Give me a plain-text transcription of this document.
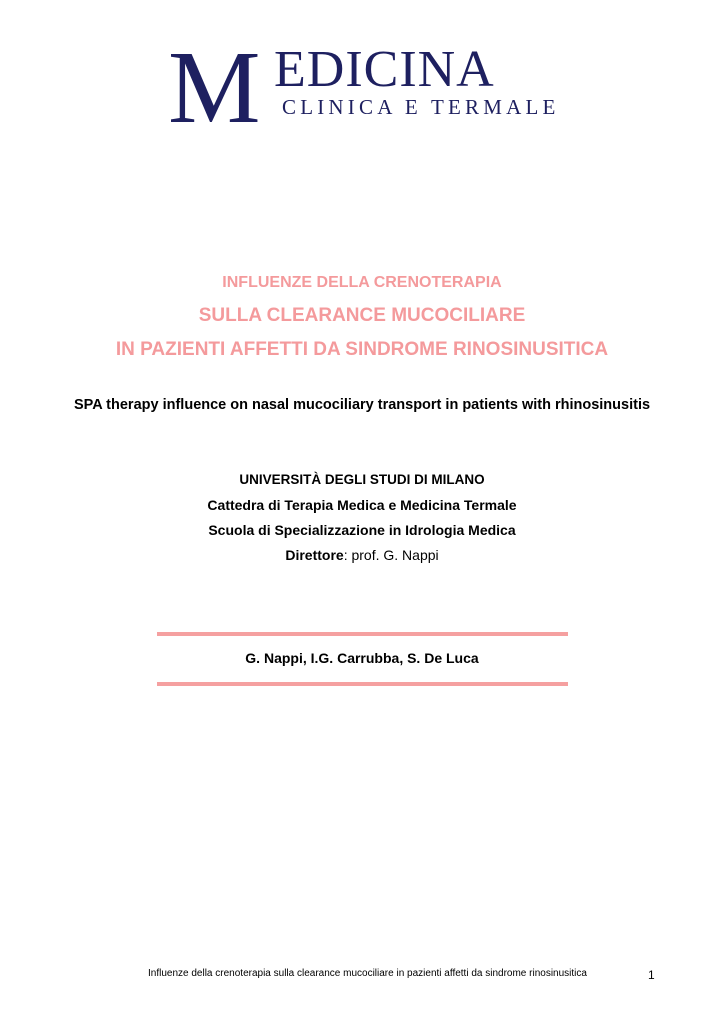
M EDICINA
CLINICA E TERMALE
INFLUENZE DELLA CRENOTERAPIA
SULLA CLEARANCE MUCOCILIARE
IN PAZIENTI AFFETTI DA SINDROME RINOSINUSITICA
SPA therapy influence on nasal mucociliary transport in patients with rhinosinusitis
UNIVERSITÀ DEGLI STUDI DI MILANO
Cattedra di Terapia Medica e Medicina Termale
Scuola di Specializzazione in Idrologia Medica
Direttore: prof. G. Nappi
G. Nappi, I.G. Carrubba, S. De Luca
Influenze della crenoterapia sulla clearance mucociliare in pazienti affetti da sindrome rinosinusitica	1
